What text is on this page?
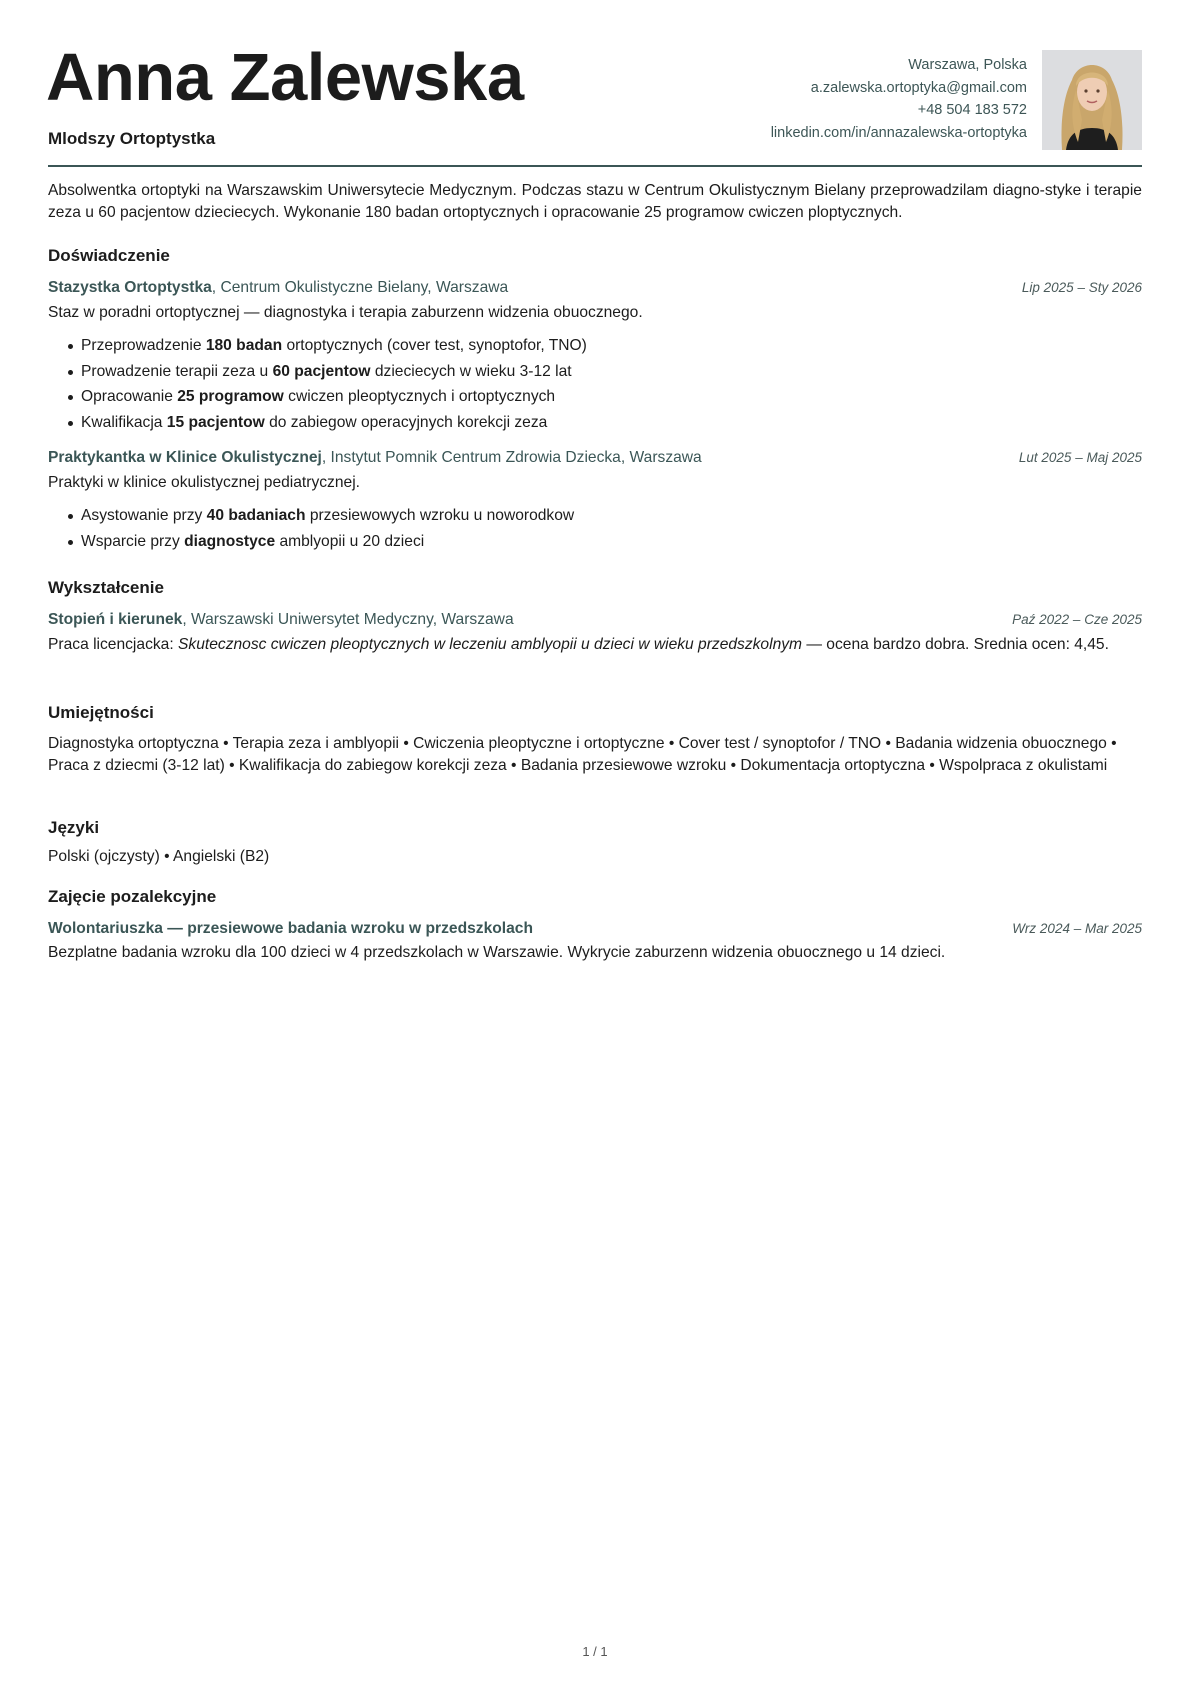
Anna Zalewska
Mlodszy Ortoptystka
Warszawa, Polska
a.zalewska.ortoptyka@gmail.com
+48 504 183 572
linkedin.com/in/annazalewska-ortoptyka

Absolwentka ortoptyki na Warszawskim Uniwersytecie Medycznym. Podczas stazu w Centrum Okulistycznym Bielany przeprowadzilam diagno-styke i terapie zeza u 60 pacjentow dzieciecych. Wykonanie 180 badan ortoptycznych i opracowanie 25 programow cwiczen ploptycznych.

Doświadczenie
Stazystka Ortoptystka, Centrum Okulistyczne Bielany, Warszawa	Lip 2025 – Sty 2026

Staz w poradni ortoptycznej — diagnostyka i terapia zaburzenn widzenia obuocznego.

Przeprowadzenie 180 badan ortoptycznych (cover test, synoptofor, TNO)
Prowadzenie terapii zeza u 60 pacjentow dzieciecych w wieku 3-12 lat
Opracowanie 25 programow cwiczen pleoptycznych i ortoptycznych
Kwalifikacja 15 pacjentow do zabiegow operacyjnych korekcji zeza
Praktykantka w Klinice Okulistycznej, Instytut Pomnik Centrum Zdrowia Dziecka, Warszawa	Lut 2025 – Maj 2025

Praktyki w klinice okulistycznej pediatrycznej.

Asystowanie przy 40 badaniach przesiewowych wzroku u noworodkow
Wsparcie przy diagnostyce amblyopii u 20 dzieci
Wykształcenie
Stopień i kierunek, Warszawski Uniwersytet Medyczny, Warszawa	Paź 2022 – Cze 2025

Praca licencjacka: Skutecznosc cwiczen pleoptycznych w leczeniu amblyopii u dzieci w wieku przedszkolnym — ocena bardzo dobra. Srednia ocen: 4,45.

Umiejętności

Diagnostyka ortoptyczna • Terapia zeza i amblyopii • Cwiczenia pleoptyczne i ortoptyczne • Cover test / synoptofor / TNO • Badania widzenia obuocznego • Praca z dziecmi (3-12 lat) • Kwalifikacja do zabiegow korekcji zeza • Badania przesiewowe wzroku • Dokumentacja ortoptyczna • Wspolpraca z okulistami

Języki

Polski (ojczysty) • Angielski (B2)

Zajęcie pozalekcyjne
Wolontariuszka — przesiewowe badania wzroku w przedszkolach	Wrz 2024 – Mar 2025

Bezplatne badania wzroku dla 100 dzieci w 4 przedszkolach w Warszawie. Wykrycie zaburzenn widzenia obuocznego u 14 dzieci.

1 / 1
